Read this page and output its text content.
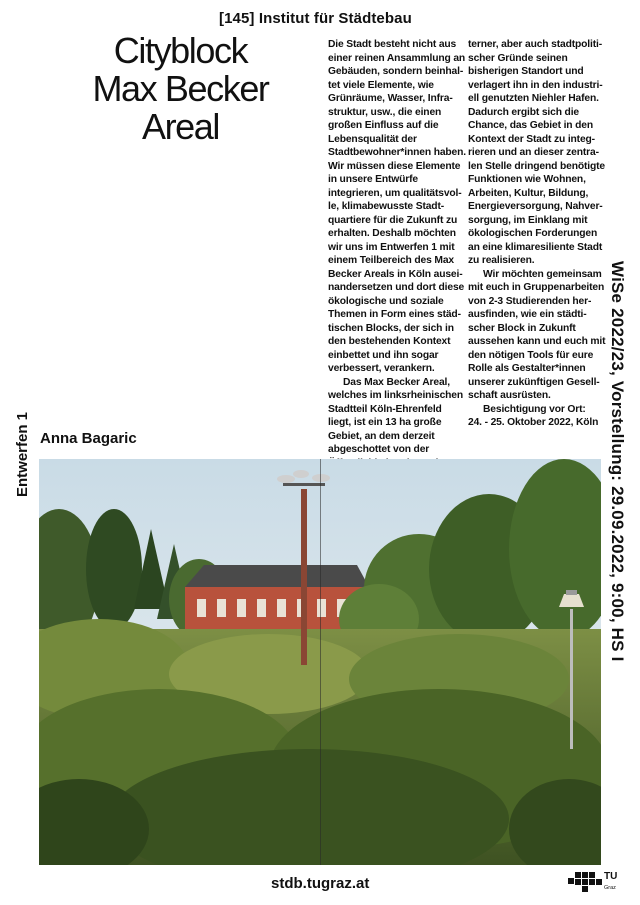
[145] Institut für Städtebau
Cityblock
Max Becker
Areal

Die Stadt besteht nicht aus einer reinen Ansammlung an Gebäuden, sondern beinhaltet viele Elemente, wie Grünräume, Wasser, Infrastruktur, usw., die einen großen Einfluss auf die Lebensqualität der Stadtbewohner*innen haben. Wir müssen diese Elemente in unsere Entwürfe integrieren, um qualitätsvolle, klimabewusste Stadtquartiere für die Zukunft zu erhalten. Deshalb möchten wir uns im Entwerfen 1 mit einem Teilbereich des Max Becker Areals in Köln auseinandersetzen und dort diese ökologische und soziale Themen in Form eines städtischen Blocks, der sich in den bestehenden Kontext einbettet und ihn sogar verbessert, verankern.

Das Max Becker Areal, welches im linksrheinischen Stadtteil Köln-Ehrenfeld liegt, ist ein 13 ha große Gebiet, an dem derzeit abgeschottet von der

terner, aber auch stadtpolitischer Gründe seinen bisherigen Standort und verlagert ihn in den industriell genutzten Niehler Hafen. Dadurch ergibt sich die Chance, das Gebiet in den Kontext der Stadt zu integrieren und an dieser zentralen Stelle dringend benötigte Funktionen wie Wohnen, Arbeiten, Kultur, Bildung, Energieversorgung, Nahversorgung, im Einklang mit ökologischen Forderungen an eine klimaresiliente Stadt zu realisieren.

Wir möchten gemeinsam mit euch in Gruppenarbeiten von 2-3 Studierenden herausfinden, wie ein städtischer Block in Zukunft aussehen kann und euch mit den nötigen Tools für eure Rolle als Gestalter*innen unserer zukünftigen Gesellschaft ausrüsten.

Besichtigung vor Ort:

24. - 25. Oktober 2022, Köln

Anna Bagaric
Entwerfen 1	WiSe 2022/23, Vorstellung: 29.09.2022, 9:00, HS I
stdb.tugraz.at	TU
Graz
